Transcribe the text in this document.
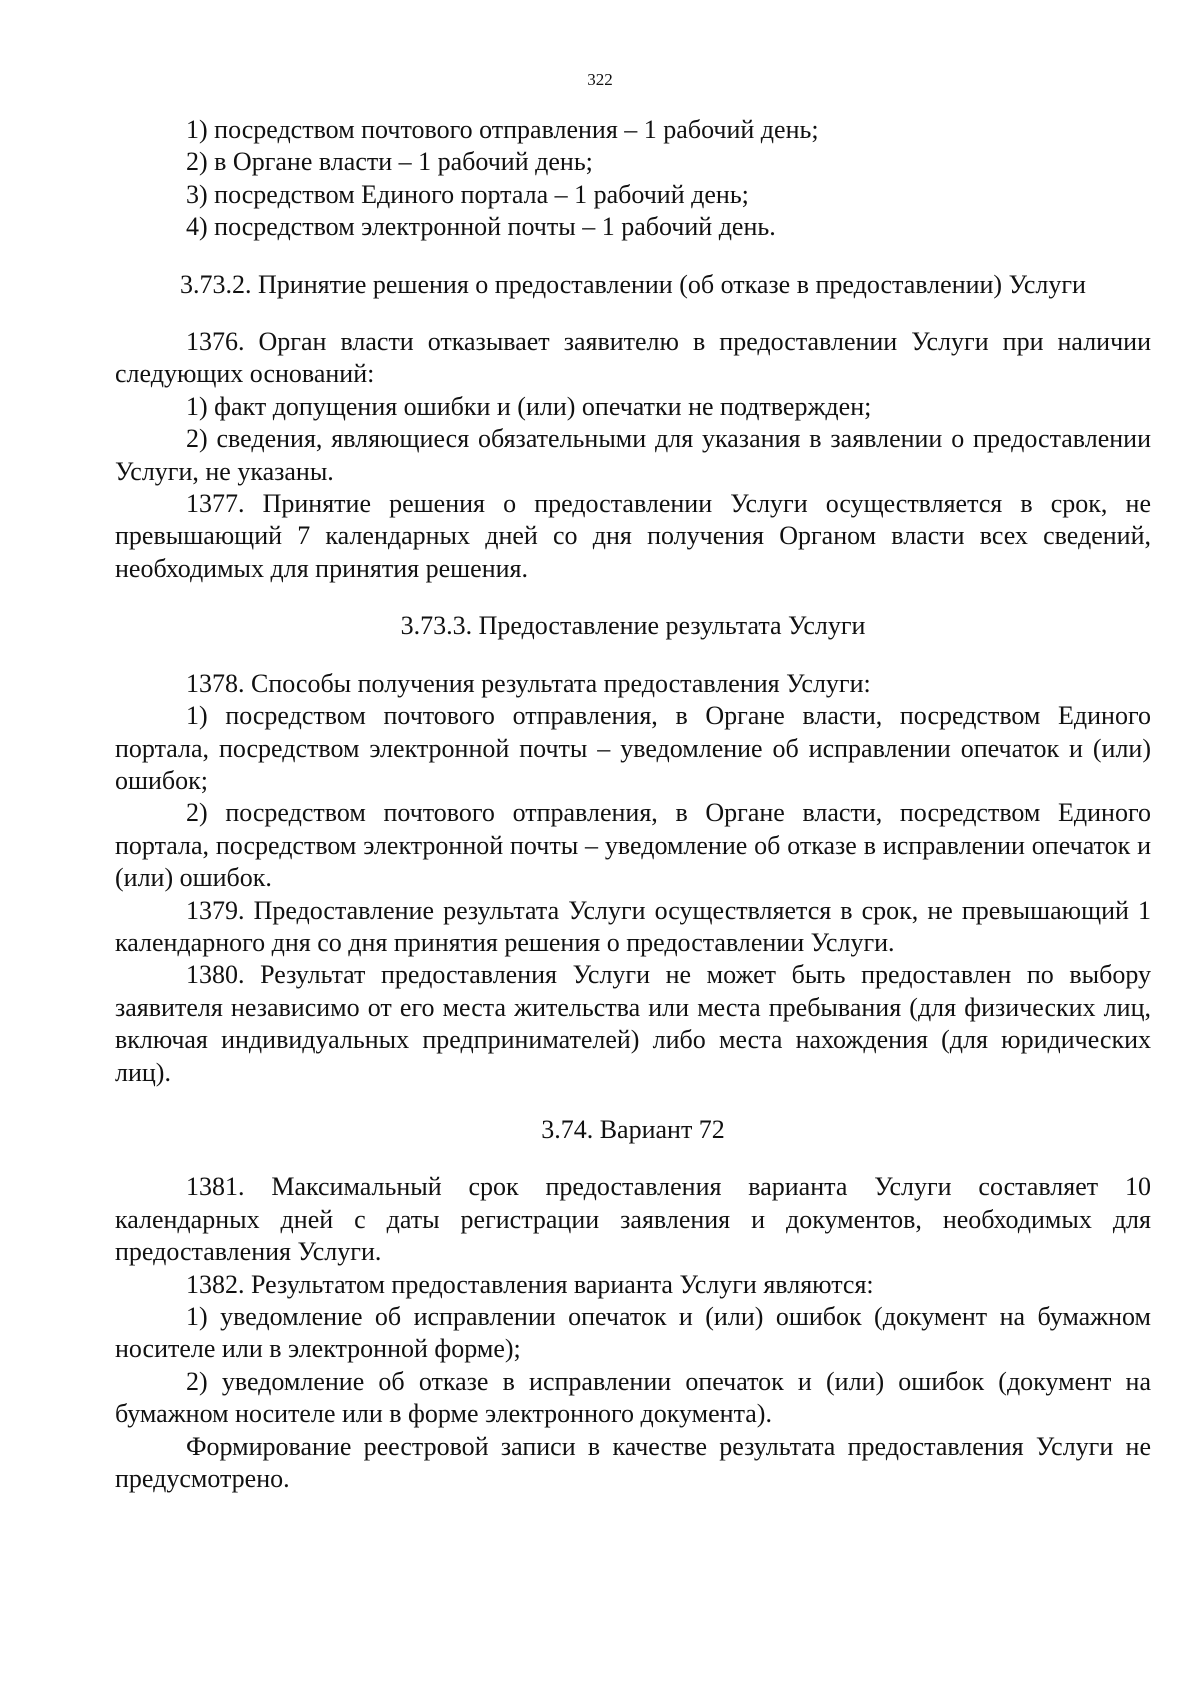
322

1) посредством почтового отправления – 1 рабочий день;

2) в Органе власти – 1 рабочий день;

3) посредством Единого портала – 1 рабочий день;

4) посредством электронной почты – 1 рабочий день.

3.73.2. Принятие решения о предоставлении (об отказе в предоставлении) Услуги

1376. Орган власти отказывает заявителю в предоставлении Услуги при наличии следующих оснований:

1) факт допущения ошибки и (или) опечатки не подтвержден;

2) сведения, являющиеся обязательными для указания в заявлении о предоставлении Услуги, не указаны.

1377. Принятие решения о предоставлении Услуги осуществляется в срок, не превышающий 7 календарных дней со дня получения Органом власти всех сведений, необходимых для принятия решения.

3.73.3. Предоставление результата Услуги

1378. Способы получения результата предоставления Услуги:

1) посредством почтового отправления, в Органе власти, посредством Единого портала, посредством электронной почты – уведомление об исправлении опечаток и (или) ошибок;

2) посредством почтового отправления, в Органе власти, посредством Единого портала, посредством электронной почты – уведомление об отказе в исправлении опечаток и (или) ошибок.

1379. Предоставление результата Услуги осуществляется в срок, не превышающий 1 календарного дня со дня принятия решения о предоставлении Услуги.

1380. Результат предоставления Услуги не может быть предоставлен по выбору заявителя независимо от его места жительства или места пребывания (для физических лиц, включая индивидуальных предпринимателей) либо места нахождения (для юридических лиц).

3.74. Вариант 72

1381. Максимальный срок предоставления варианта Услуги составляет 10 календарных дней с даты регистрации заявления и документов, необходимых для предоставления Услуги.

1382. Результатом предоставления варианта Услуги являются:

1) уведомление об исправлении опечаток и (или) ошибок (документ на бумажном носителе или в электронной форме);

2) уведомление об отказе в исправлении опечаток и (или) ошибок (документ на бумажном носителе или в форме электронного документа).

Формирование реестровой записи в качестве результата предоставления Услуги не предусмотрено.
